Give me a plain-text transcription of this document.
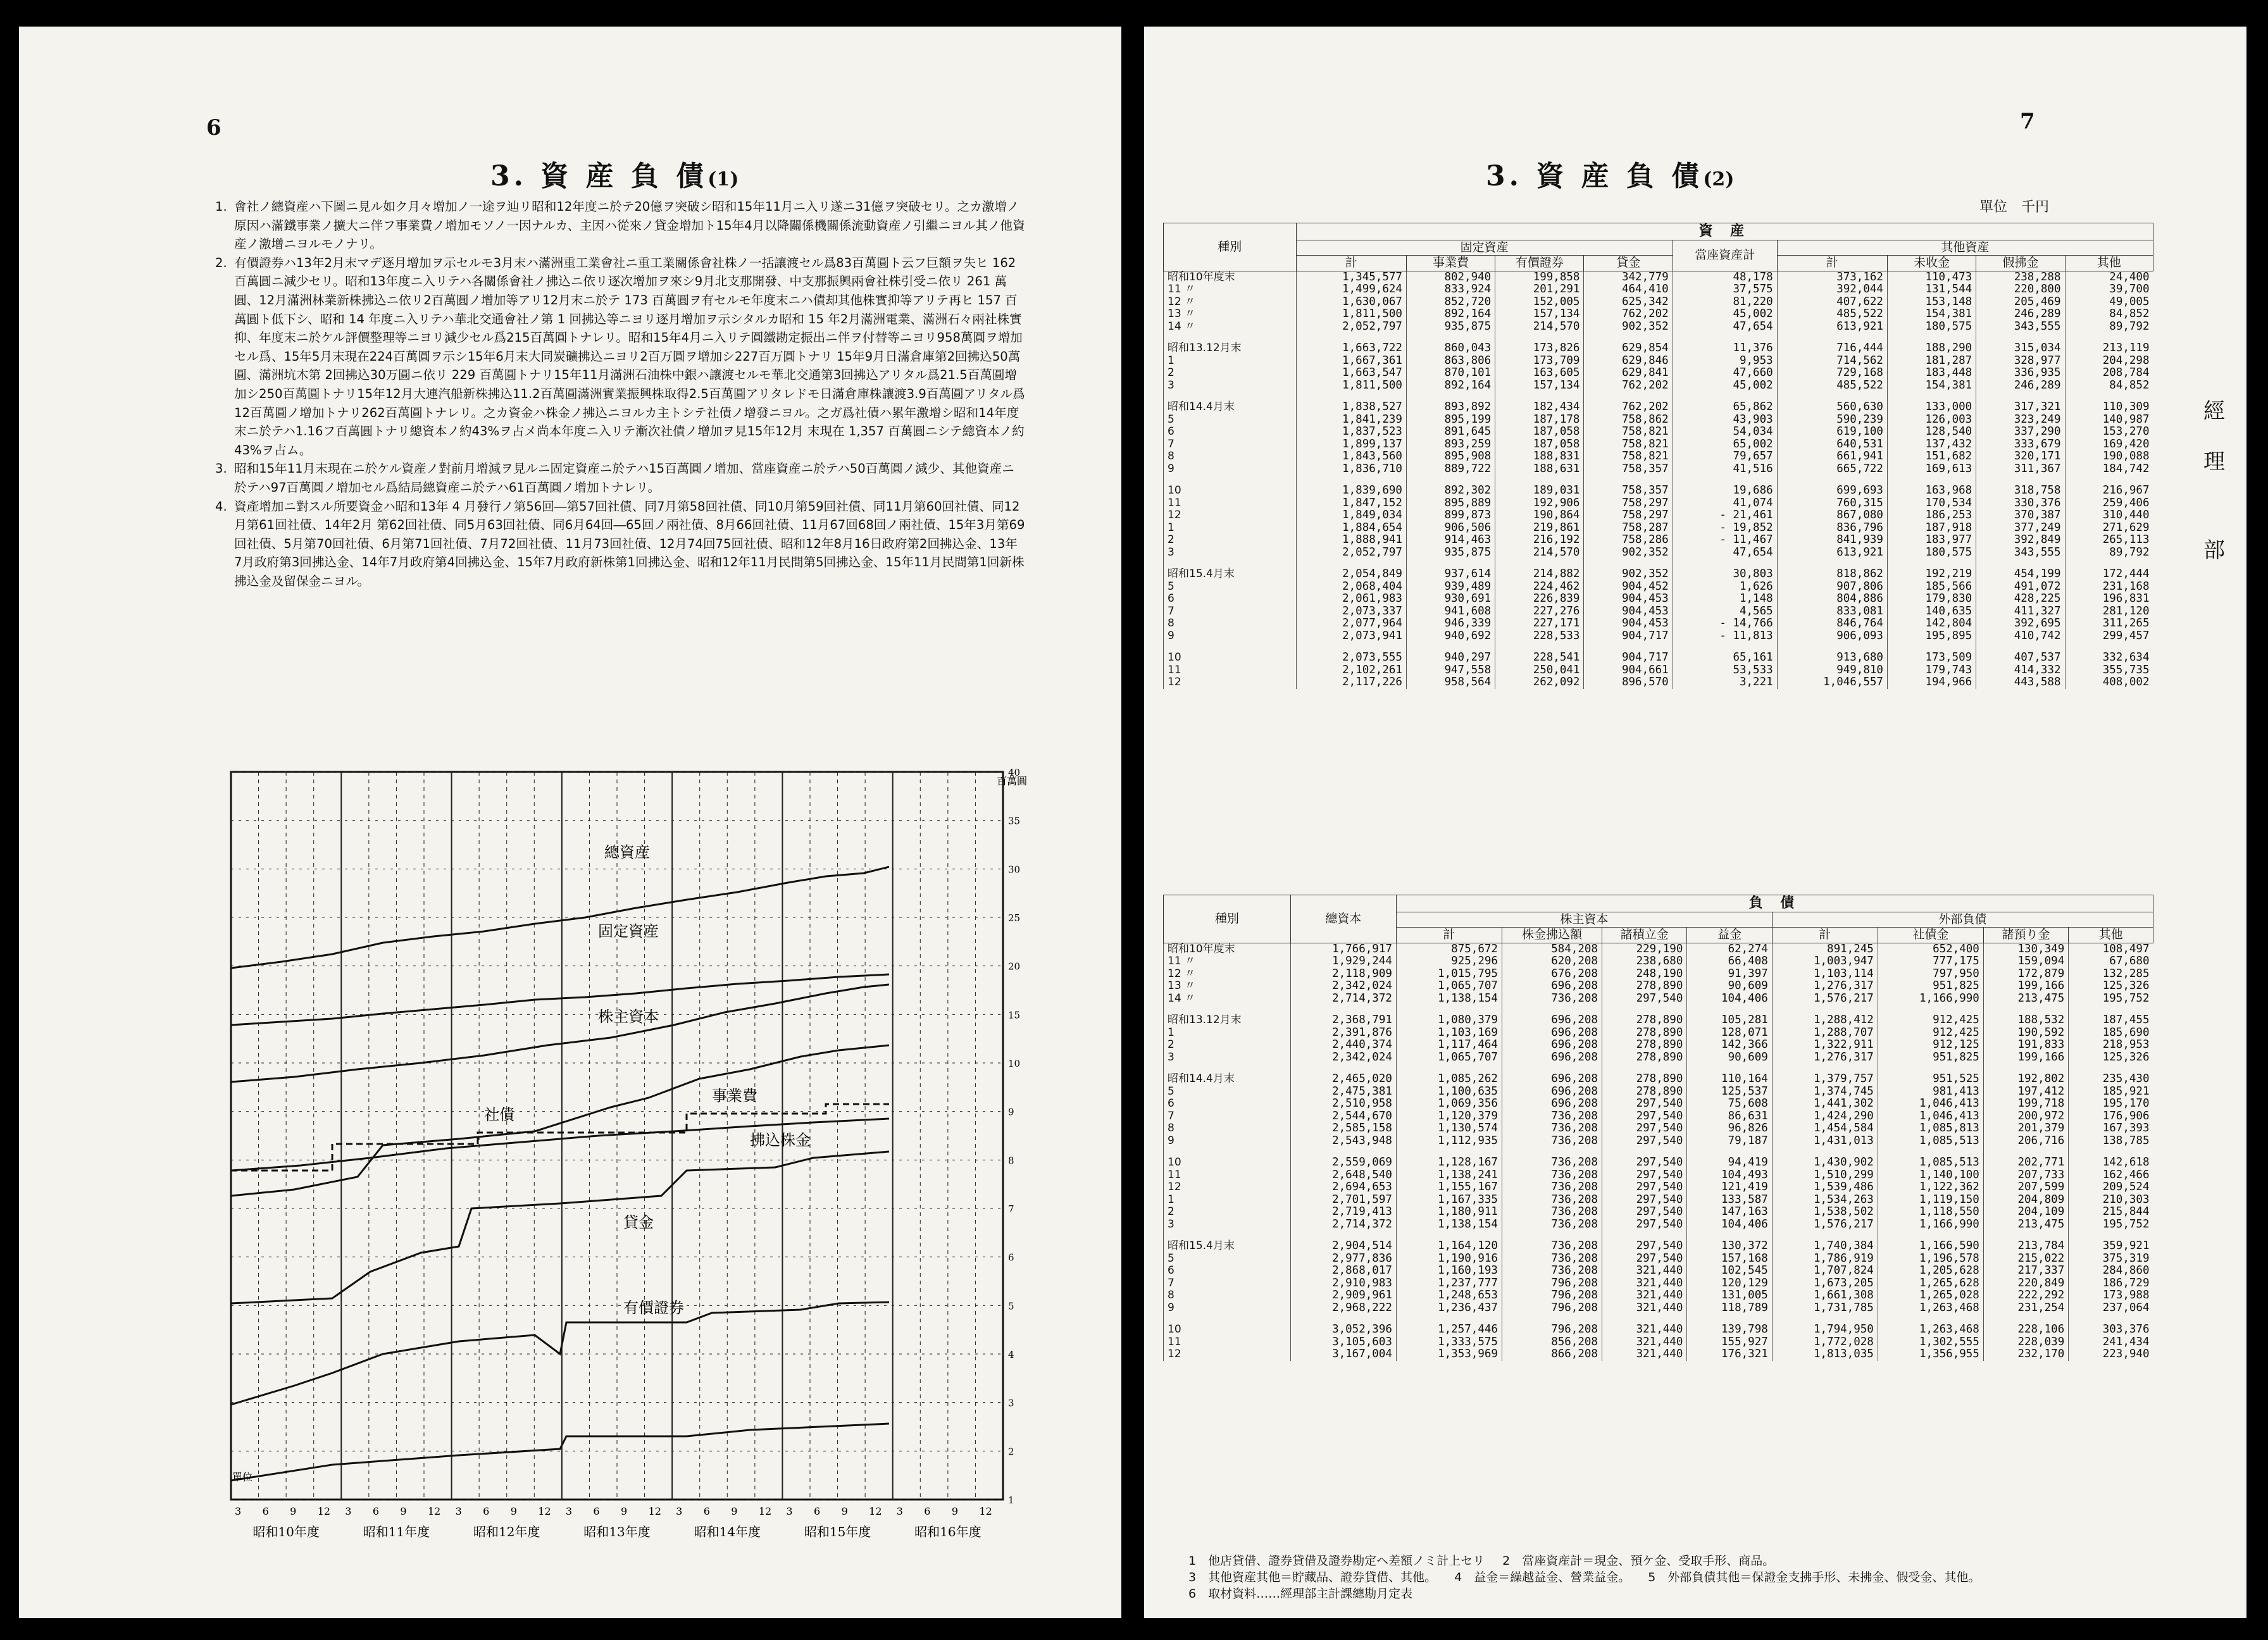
6
3. 資 産 負 債(1)

1. 會社ノ總資産ハ下圖ニ見ル如ク月々增加ノ一途ヲ辿リ昭和12年度ニ於テ20億ヲ突破シ昭和15年11月ニ入リ遂ニ31億ヲ突破セリ。之カ激增ノ原因ハ滿鐵事業ノ擴大ニ伴フ事業費ノ增加モソノ一因ナルカ、主因ハ從來ノ貸金增加ト15年4月以降關係機關係流動資産ノ引繼ニヨル其ノ他資産ノ激增ニヨルモノナリ。

2. 有價證券ハ13年2月末マデ逐月增加ヲ示セルモ3月末ハ滿洲重工業會社ニ重工業關係會社株ノ一括讓渡セル爲83百萬圓ト云フ巨額ヲ失ヒ 162 百萬圓ニ減少セリ。昭和13年度ニ入リテハ各關係會社ノ拂込ニ依リ逐次增加ヲ來シ9月北支那開發、中支那振興兩會社株引受ニ依リ 261 萬圓、12月滿洲林業新株拂込ニ依リ2百萬圓ノ增加等アリ12月末ニ於テ 173 百萬圓ヲ有セルモ年度末ニハ債却其他株實抑等アリテ再ヒ 157 百萬圓ト低下シ、昭和 14 年度ニ入リテハ華北交通會社ノ第 1 回拂込等ニヨリ逐月增加ヲ示シタルカ昭和 15 年2月滿洲電業、滿洲石々兩社株實抑、年度末ニ於ケル評價整理等ニヨリ減少セル爲215百萬圓トナレリ。昭和15年4月ニ入リテ圓鐵勘定振出ニ伴ヲ付替等ニヨリ958萬圓ヲ增加セル爲、15年5月末現在224百萬圓ヲ示シ15年6月末大同炭礦拂込ニヨリ2百万圓ヲ增加シ227百万圓トナリ 15年9月日滿倉庫第2回拂込50萬圓、滿洲坑木第 2回拂込30万圓ニ依リ 229 百萬圓トナリ15年11月滿洲石油株中銀ハ讓渡セルモ華北交通第3回拂込アリタル爲21.5百萬圓增加シ250百萬圓トナリ15年12月大連汽船新株拂込11.2百萬圓滿洲實業振興株取得2.5百萬圓アリタレドモ日滿倉庫株讓渡3.9百萬圓アリタル爲12百萬圓ノ增加トナリ262百萬圓トナレリ。之カ資金ハ株金ノ拂込ニヨルカ主トシテ社債ノ增發ニヨル。之ガ爲社債ハ累年激增シ昭和14年度末ニ於テハ1.16フ百萬圓トナリ總資本ノ約43%ヲ占メ尚本年度ニ入リテ漸次社債ノ增加ヲ見15年12月 末現在 1,357 百萬圓ニシテ總資本ノ約43%ヲ占ム。

3. 昭和15年11月末現在ニ於ケル資産ノ對前月增減ヲ見ルニ固定資産ニ於テハ15百萬圓ノ增加、當座資産ニ於テハ50百萬圓ノ減少、其他資産ニ於テハ97百萬圓ノ增加セル爲結局總資産ニ於テハ61百萬圓ノ增加トナレリ。

4. 資產增加ニ對スル所要資金ハ昭和13年 4 月發行ノ第56回―第57回社債、同7月第58回社債、同10月第59回社債、同11月第60回社債、同12月第61回社債、14年2月 第62回社債、同5月63回社債、同6月64回―65回ノ兩社債、8月66回社債、11月67回68回ノ兩社債、15年3月第69回社債、5月第70回社債、6月第71回社債、7月72回社債、11月73回社債、12月74回75回社債、昭和12年8月16日政府第2回拂込金、13年7月政府第3回拂込金、14年7月政府第4回拂込金、15年7月政府新株第1回拂込金、昭和12年11月民間第5回拂込金、15年11月民間第1回新株拂込金及留保金ニヨル。

總資産
固定資産
株主資本
事業費
社債
拂込株金
貸金
有價證券
40
35
30
25
20
15
10
9
8
7
6
5
4
3
2
1
3 6 9 12 3 6 9 12 3 6 9 12 3 6 9 12 3 6 9 12 3 6 9 12 3 6 9 12
昭和10年度	昭和11年度	昭和12年度	昭和13年度	昭和14年度	昭和15年度	昭和16年度
單位
百萬圓
7
3. 資 産 負 債(2)
單位　千円
經
理
部
種別	資 産								
	固定資産				當座資産計	其他資産			
	計	事業費	有價證券	貸金		計	未收金	假拂金	其他
昭和10年度末	1,345,577	802,940	199,858	342,779	48,178	373,162	110,473	238,288	24,400
11 〃	1,499,624	833,924	201,291	464,410	37,575	392,044	131,544	220,800	39,700
12 〃	1,630,067	852,720	152,005	625,342	81,220	407,622	153,148	205,469	49,005
13 〃	1,811,500	892,164	157,134	762,202	45,002	485,522	154,381	246,289	84,852
14 〃	2,052,797	935,875	214,570	902,352	47,654	613,921	180,575	343,555	89,792

昭和13.12月末	1,663,722	860,043	173,826	629,854	11,376	716,444	188,290	315,034	213,119
1	1,667,361	863,806	173,709	629,846	9,953	714,562	181,287	328,977	204,298
2	1,663,547	870,101	163,605	629,841	47,660	729,168	183,448	336,935	208,784
3	1,811,500	892,164	157,134	762,202	45,002	485,522	154,381	246,289	84,852

昭和14.4月末	1,838,527	893,892	182,434	762,202	65,862	560,630	133,000	317,321	110,309
5	1,841,239	895,199	187,178	758,862	43,903	590,239	126,003	323,249	140,987
6	1,837,523	891,645	187,058	758,821	54,034	619,100	128,540	337,290	153,270
7	1,899,137	893,259	187,058	758,821	65,002	640,531	137,432	333,679	169,420
8	1,843,560	895,908	188,831	758,821	79,657	661,941	151,682	320,171	190,088
9	1,836,710	889,722	188,631	758,357	41,516	665,722	169,613	311,367	184,742

10	1,839,690	892,302	189,031	758,357	19,686	699,693	163,968	318,758	216,967
11	1,847,152	895,889	192,906	758,297	41,074	760,315	170,534	330,376	259,406
12	1,849,034	899,873	190,864	758,297	- 21,461	867,080	186,253	370,387	310,440
1	1,884,654	906,506	219,861	758,287	- 19,852	836,796	187,918	377,249	271,629
2	1,888,941	914,463	216,192	758,286	- 11,467	841,939	183,977	392,849	265,113
3	2,052,797	935,875	214,570	902,352	47,654	613,921	180,575	343,555	89,792

昭和15.4月末	2,054,849	937,614	214,882	902,352	30,803	818,862	192,219	454,199	172,444
5	2,068,404	939,489	224,462	904,452	1,626	907,806	185,566	491,072	231,168
6	2,061,983	930,691	226,839	904,453	1,148	804,886	179,830	428,225	196,831
7	2,073,337	941,608	227,276	904,453	4,565	833,081	140,635	411,327	281,120
8	2,077,964	946,339	227,171	904,453	- 14,766	846,764	142,804	392,695	311,265
9	2,073,941	940,692	228,533	904,717	- 11,813	906,093	195,895	410,742	299,457

10	2,073,555	940,297	228,541	904,717	65,161	913,680	173,509	407,537	332,634
11	2,102,261	947,558	250,041	904,661	53,533	949,810	179,743	414,332	355,735
12	2,117,226	958,564	262,092	896,570	3,221	1,046,557	194,966	443,588	408,002
種別	總資本	負 債							
		株主資本				外部負債			
		計	株金拂込額	諸積立金	益金	計	社債金	諸預り金	其他
昭和10年度末	1,766,917	875,672	584,208	229,190	62,274	891,245	652,400	130,349	108,497
11 〃	1,929,244	925,296	620,208	238,680	66,408	1,003,947	777,175	159,094	67,680
12 〃	2,118,909	1,015,795	676,208	248,190	91,397	1,103,114	797,950	172,879	132,285
13 〃	2,342,024	1,065,707	696,208	278,890	90,609	1,276,317	951,825	199,166	125,326
14 〃	2,714,372	1,138,154	736,208	297,540	104,406	1,576,217	1,166,990	213,475	195,752

昭和13.12月末	2,368,791	1,080,379	696,208	278,890	105,281	1,288,412	912,425	188,532	187,455
1	2,391,876	1,103,169	696,208	278,890	128,071	1,288,707	912,425	190,592	185,690
2	2,440,374	1,117,464	696,208	278,890	142,366	1,322,911	912,125	191,833	218,953
3	2,342,024	1,065,707	696,208	278,890	90,609	1,276,317	951,825	199,166	125,326

昭和14.4月末	2,465,020	1,085,262	696,208	278,890	110,164	1,379,757	951,525	192,802	235,430
5	2,475,381	1,100,635	696,208	278,890	125,537	1,374,745	981,413	197,412	185,921
6	2,510,958	1,069,356	696,208	297,540	75,608	1,441,302	1,046,413	199,718	195,170
7	2,544,670	1,120,379	736,208	297,540	86,631	1,424,290	1,046,413	200,972	176,906
8	2,585,158	1,130,574	736,208	297,540	96,826	1,454,584	1,085,813	201,379	167,393
9	2,543,948	1,112,935	736,208	297,540	79,187	1,431,013	1,085,513	206,716	138,785

10	2,559,069	1,128,167	736,208	297,540	94,419	1,430,902	1,085,513	202,771	142,618
11	2,648,540	1,138,241	736,208	297,540	104,493	1,510,299	1,140,100	207,733	162,466
12	2,694,653	1,155,167	736,208	297,540	121,419	1,539,486	1,122,362	207,599	209,524
1	2,701,597	1,167,335	736,208	297,540	133,587	1,534,263	1,119,150	204,809	210,303
2	2,719,413	1,180,911	736,208	297,540	147,163	1,538,502	1,118,550	204,109	215,844
3	2,714,372	1,138,154	736,208	297,540	104,406	1,576,217	1,166,990	213,475	195,752

昭和15.4月末	2,904,514	1,164,120	736,208	297,540	130,372	1,740,384	1,166,590	213,784	359,921
5	2,977,836	1,190,916	736,208	297,540	157,168	1,786,919	1,196,578	215,022	375,319
6	2,868,017	1,160,193	736,208	321,440	102,545	1,707,824	1,205,628	217,337	284,860
7	2,910,983	1,237,777	796,208	321,440	120,129	1,673,205	1,265,628	220,849	186,729
8	2,909,961	1,248,653	796,208	321,440	131,005	1,661,308	1,265,028	222,292	173,988
9	2,968,222	1,236,437	796,208	321,440	118,789	1,731,785	1,263,468	231,254	237,064

10	3,052,396	1,257,446	796,208	321,440	139,798	1,794,950	1,263,468	228,106	303,376
11	3,105,603	1,333,575	856,208	321,440	155,927	1,772,028	1,302,555	228,039	241,434
12	3,167,004	1,353,969	866,208	321,440	176,321	1,813,035	1,356,955	232,170	223,940
1　他店貸借、證券貸借及證券勘定ヘ差額ノミ計上セリ 2　當座資産計＝現金、預ケ金、受取手形、商品。
3　其他資産其他＝貯藏品、證券貸借、其他。 4　益金＝繰越益金、營業益金。 5　外部負債其他＝保證金支拂手形、未拂金、假受金、其他。
6　取材資料……經理部主計課總勘月定表
